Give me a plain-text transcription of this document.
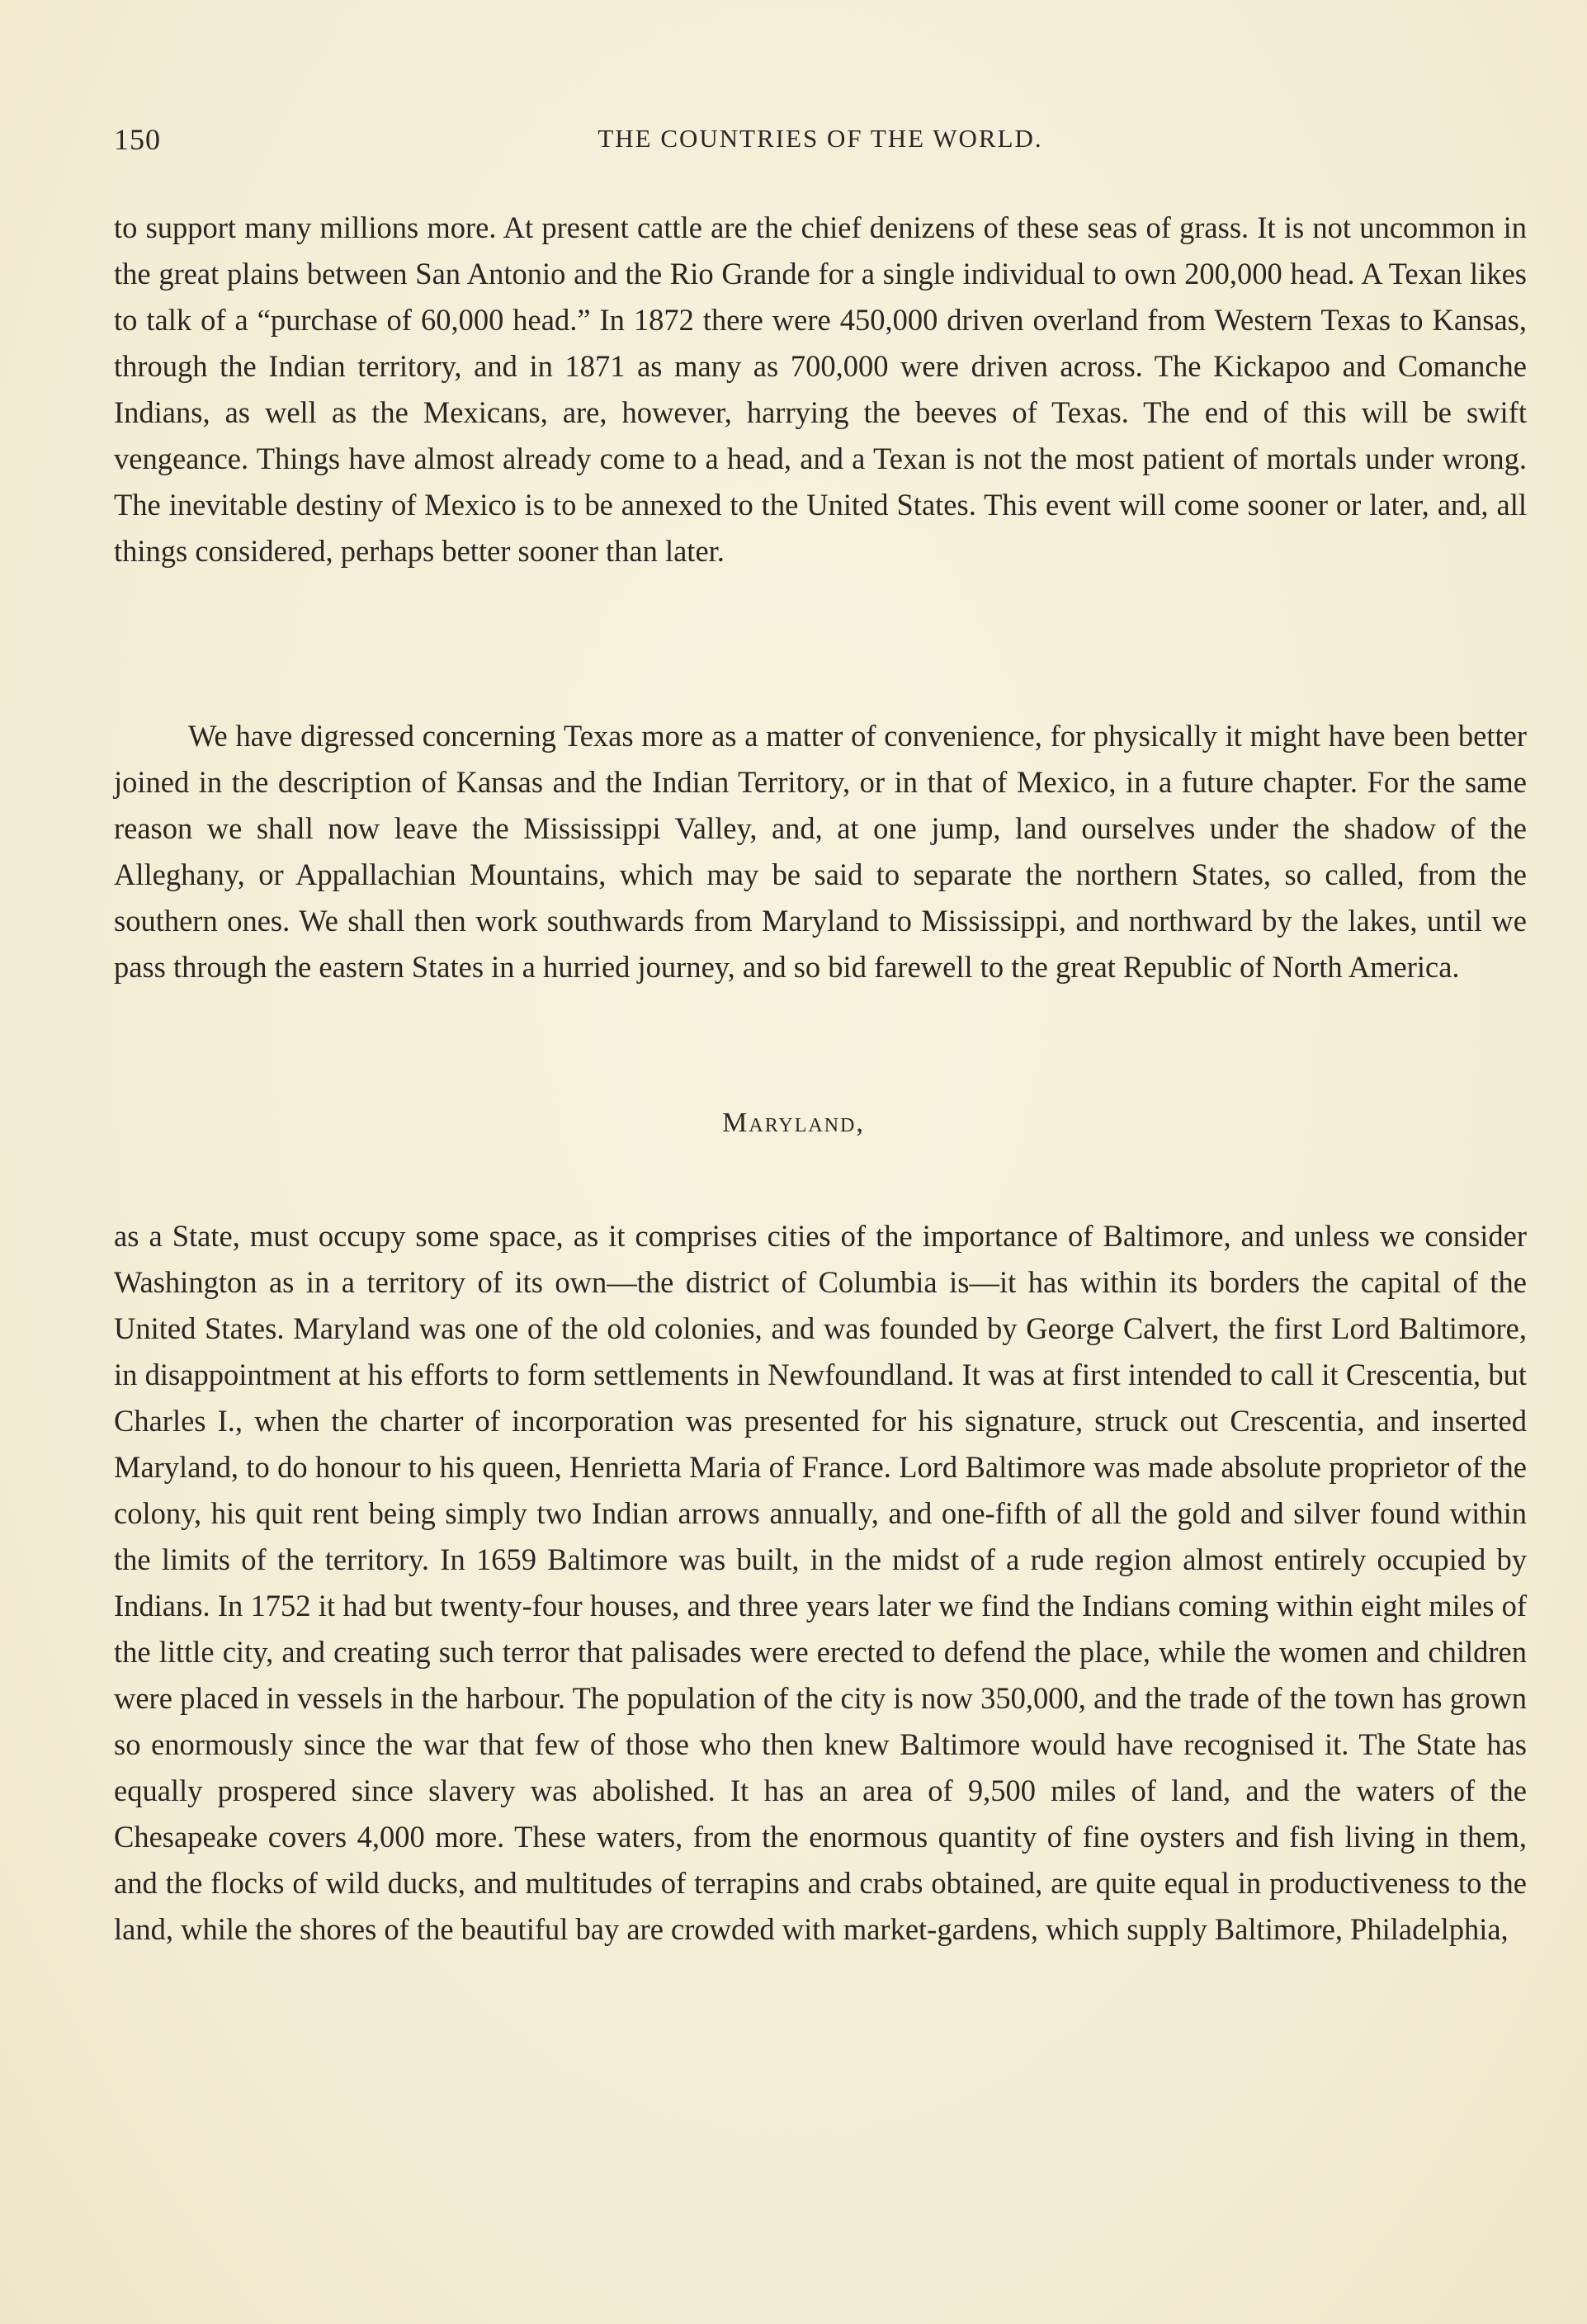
150	THE COUNTRIES OF THE WORLD.

to support many millions more. At present cattle are the chief denizens of these seas of grass. It is not uncommon in the great plains between San Antonio and the Rio Grande for a single individual to own 200,000 head. A Texan likes to talk of a “purchase of 60,000 head.” In 1872 there were 450,000 driven overland from Western Texas to Kansas, through the Indian territory, and in 1871 as many as 700,000 were driven across. The Kickapoo and Comanche Indians, as well as the Mexicans, are, however, harrying the beeves of Texas. The end of this will be swift vengeance. Things have almost already come to a head, and a Texan is not the most patient of mortals under wrong. The inevitable destiny of Mexico is to be annexed to the United States. This event will come sooner or later, and, all things considered, perhaps better sooner than later.

We have digressed concerning Texas more as a matter of convenience, for physically it might have been better joined in the description of Kansas and the Indian Territory, or in that of Mexico, in a future chapter. For the same reason we shall now leave the Mississippi Valley, and, at one jump, land ourselves under the shadow of the Alleghany, or Appallachian Mountains, which may be said to separate the northern States, so called, from the southern ones. We shall then work southwards from Maryland to Mississippi, and northward by the lakes, until we pass through the eastern States in a hurried journey, and so bid farewell to the great Republic of North America.

Maryland,

as a State, must occupy some space, as it comprises cities of the importance of Baltimore, and unless we consider Washington as in a territory of its own—the district of Columbia is—it has within its borders the capital of the United States. Maryland was one of the old colonies, and was founded by George Calvert, the first Lord Baltimore, in disappointment at his efforts to form settlements in Newfoundland. It was at first intended to call it Crescentia, but Charles I., when the charter of incorporation was presented for his signature, struck out Crescentia, and inserted Maryland, to do honour to his queen, Henrietta Maria of France. Lord Baltimore was made absolute proprietor of the colony, his quit rent being simply two Indian arrows annually, and one-fifth of all the gold and silver found within the limits of the territory. In 1659 Baltimore was built, in the midst of a rude region almost entirely occupied by Indians. In 1752 it had but twenty-four houses, and three years later we find the Indians coming within eight miles of the little city, and creating such terror that palisades were erected to defend the place, while the women and children were placed in vessels in the harbour. The population of the city is now 350,000, and the trade of the town has grown so enormously since the war that few of those who then knew Baltimore would have recognised it. The State has equally prospered since slavery was abolished. It has an area of 9,500 miles of land, and the waters of the Chesapeake covers 4,000 more. These waters, from the enormous quantity of fine oysters and fish living in them, and the flocks of wild ducks, and multitudes of terrapins and crabs obtained, are quite equal in productiveness to the land, while the shores of the beautiful bay are crowded with market-gardens, which supply Baltimore, Philadelphia,
